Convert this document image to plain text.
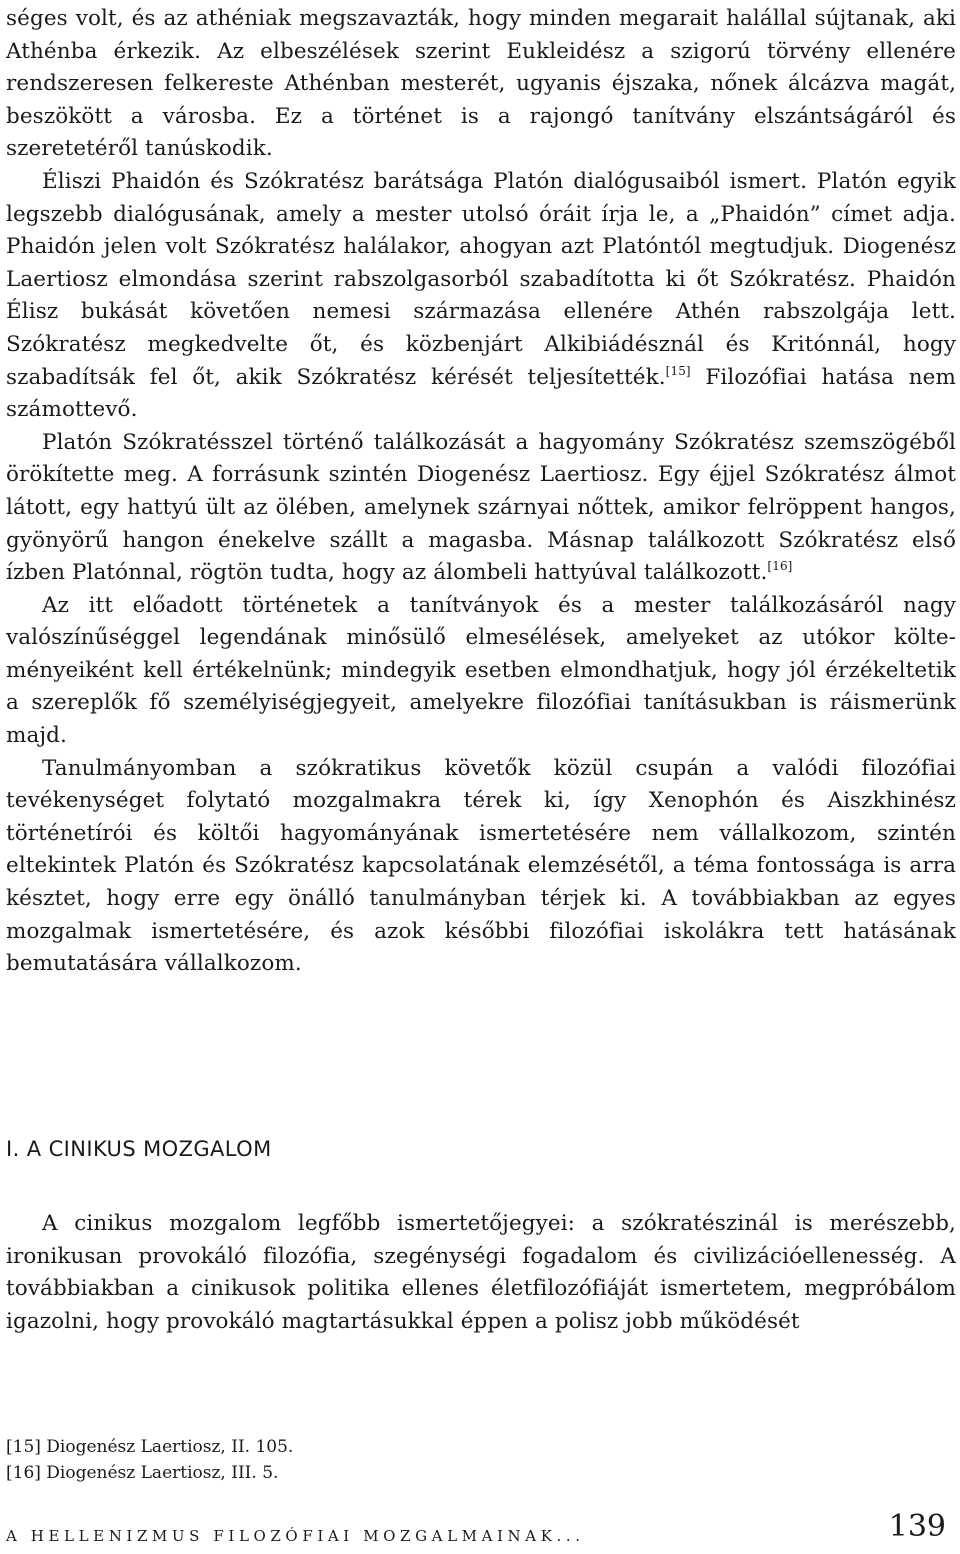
séges volt, és az athéniak megszavazták, hogy minden megarait halállal sújtanak, aki Athénba érkezik. Az elbeszélések szerint Eukleidész a szigorú törvény ellenére rendszeresen felkereste Athénban mesterét, ugyanis éjszaka, nőnek álcázva magát, beszökött a városba. Ez a történet is a rajongó tanítvány elszántságáról és szeretetéről tanúskodik.

Éliszi Phaidón és Szókratész barátsága Platón dialógusaiból ismert. Platón egyik legszebb dialógusának, amely a mester utolsó óráit írja le, a „Phaidón” címet adja. Phaidón jelen volt Szókratész halálakor, ahogyan azt Platóntól megtudjuk. Diogenész Laertiosz elmondása szerint rabszolgasorból szabadította ki őt Szókratész. Phaidón Élisz bukását követően nemesi származása ellenére Athén rabszolgája lett. Szókratész megkedvelte őt, és közbenjárt Alkibiádésznál és Kritónnál, hogy szabadítsák fel őt, akik Szókratész kérését teljesítették.[15] Filozófiai hatása nem számottevő.

Platón Szókratésszel történő találkozását a hagyomány Szókratész szemszögéből örökítette meg. A forrásunk szintén Diogenész Laertiosz. Egy éjjel Szókratész álmot látott, egy hattyú ült az ölében, amelynek szárnyai nőttek, amikor felröppent hangos, gyönyörű hangon énekelve szállt a magasba. Másnap találkozott Szókratész első ízben Platónnal, rögtön tudta, hogy az álombeli hattyúval találkozott.[16]

Az itt előadott történetek a tanítványok és a mester találkozásáról nagy valószínűséggel legendának minősülő elmesélések, amelyeket az utókor költeményeiként kell értékelnünk; mindegyik esetben elmondhatjuk, hogy jól érzékeltetik a szereplők fő személyiségjegyeit, amelyekre filozófiai tanításukban is ráismerünk majd.

Tanulmányomban a szókratikus követők közül csupán a valódi filozófiai tevékenységet folytató mozgalmakra térek ki, így Xenophón és Aiszkhinész történetírói és költői hagyományának ismertetésére nem vállalkozom, szintén eltekintek Platón és Szókratész kapcsolatának elemzésétől, a téma fontossága is arra késztet, hogy erre egy önálló tanulmányban térjek ki. A továbbiakban az egyes mozgalmak ismertetésére, és azok későbbi filozófiai iskolákra tett hatásának bemutatására vállalkozom.

I. A CINIKUS MOZGALOM

A cinikus mozgalom legfőbb ismertetőjegyei: a szókratészinál is merészebb, ironikusan provokáló filozófia, szegénységi fogadalom és civilizációellenesség. A továbbiakban a cinikusok politika ellenes életfilozófiáját ismertetem, megpróbálom igazolni, hogy provokáló magtartásukkal éppen a polisz jobb működését

[15] Diogenész Laertiosz, II. 105.

[16] Diogenész Laertiosz, III. 5.

A HELLENIZMUS FILOZÓFIAI MOZGALMAINAK...	139
